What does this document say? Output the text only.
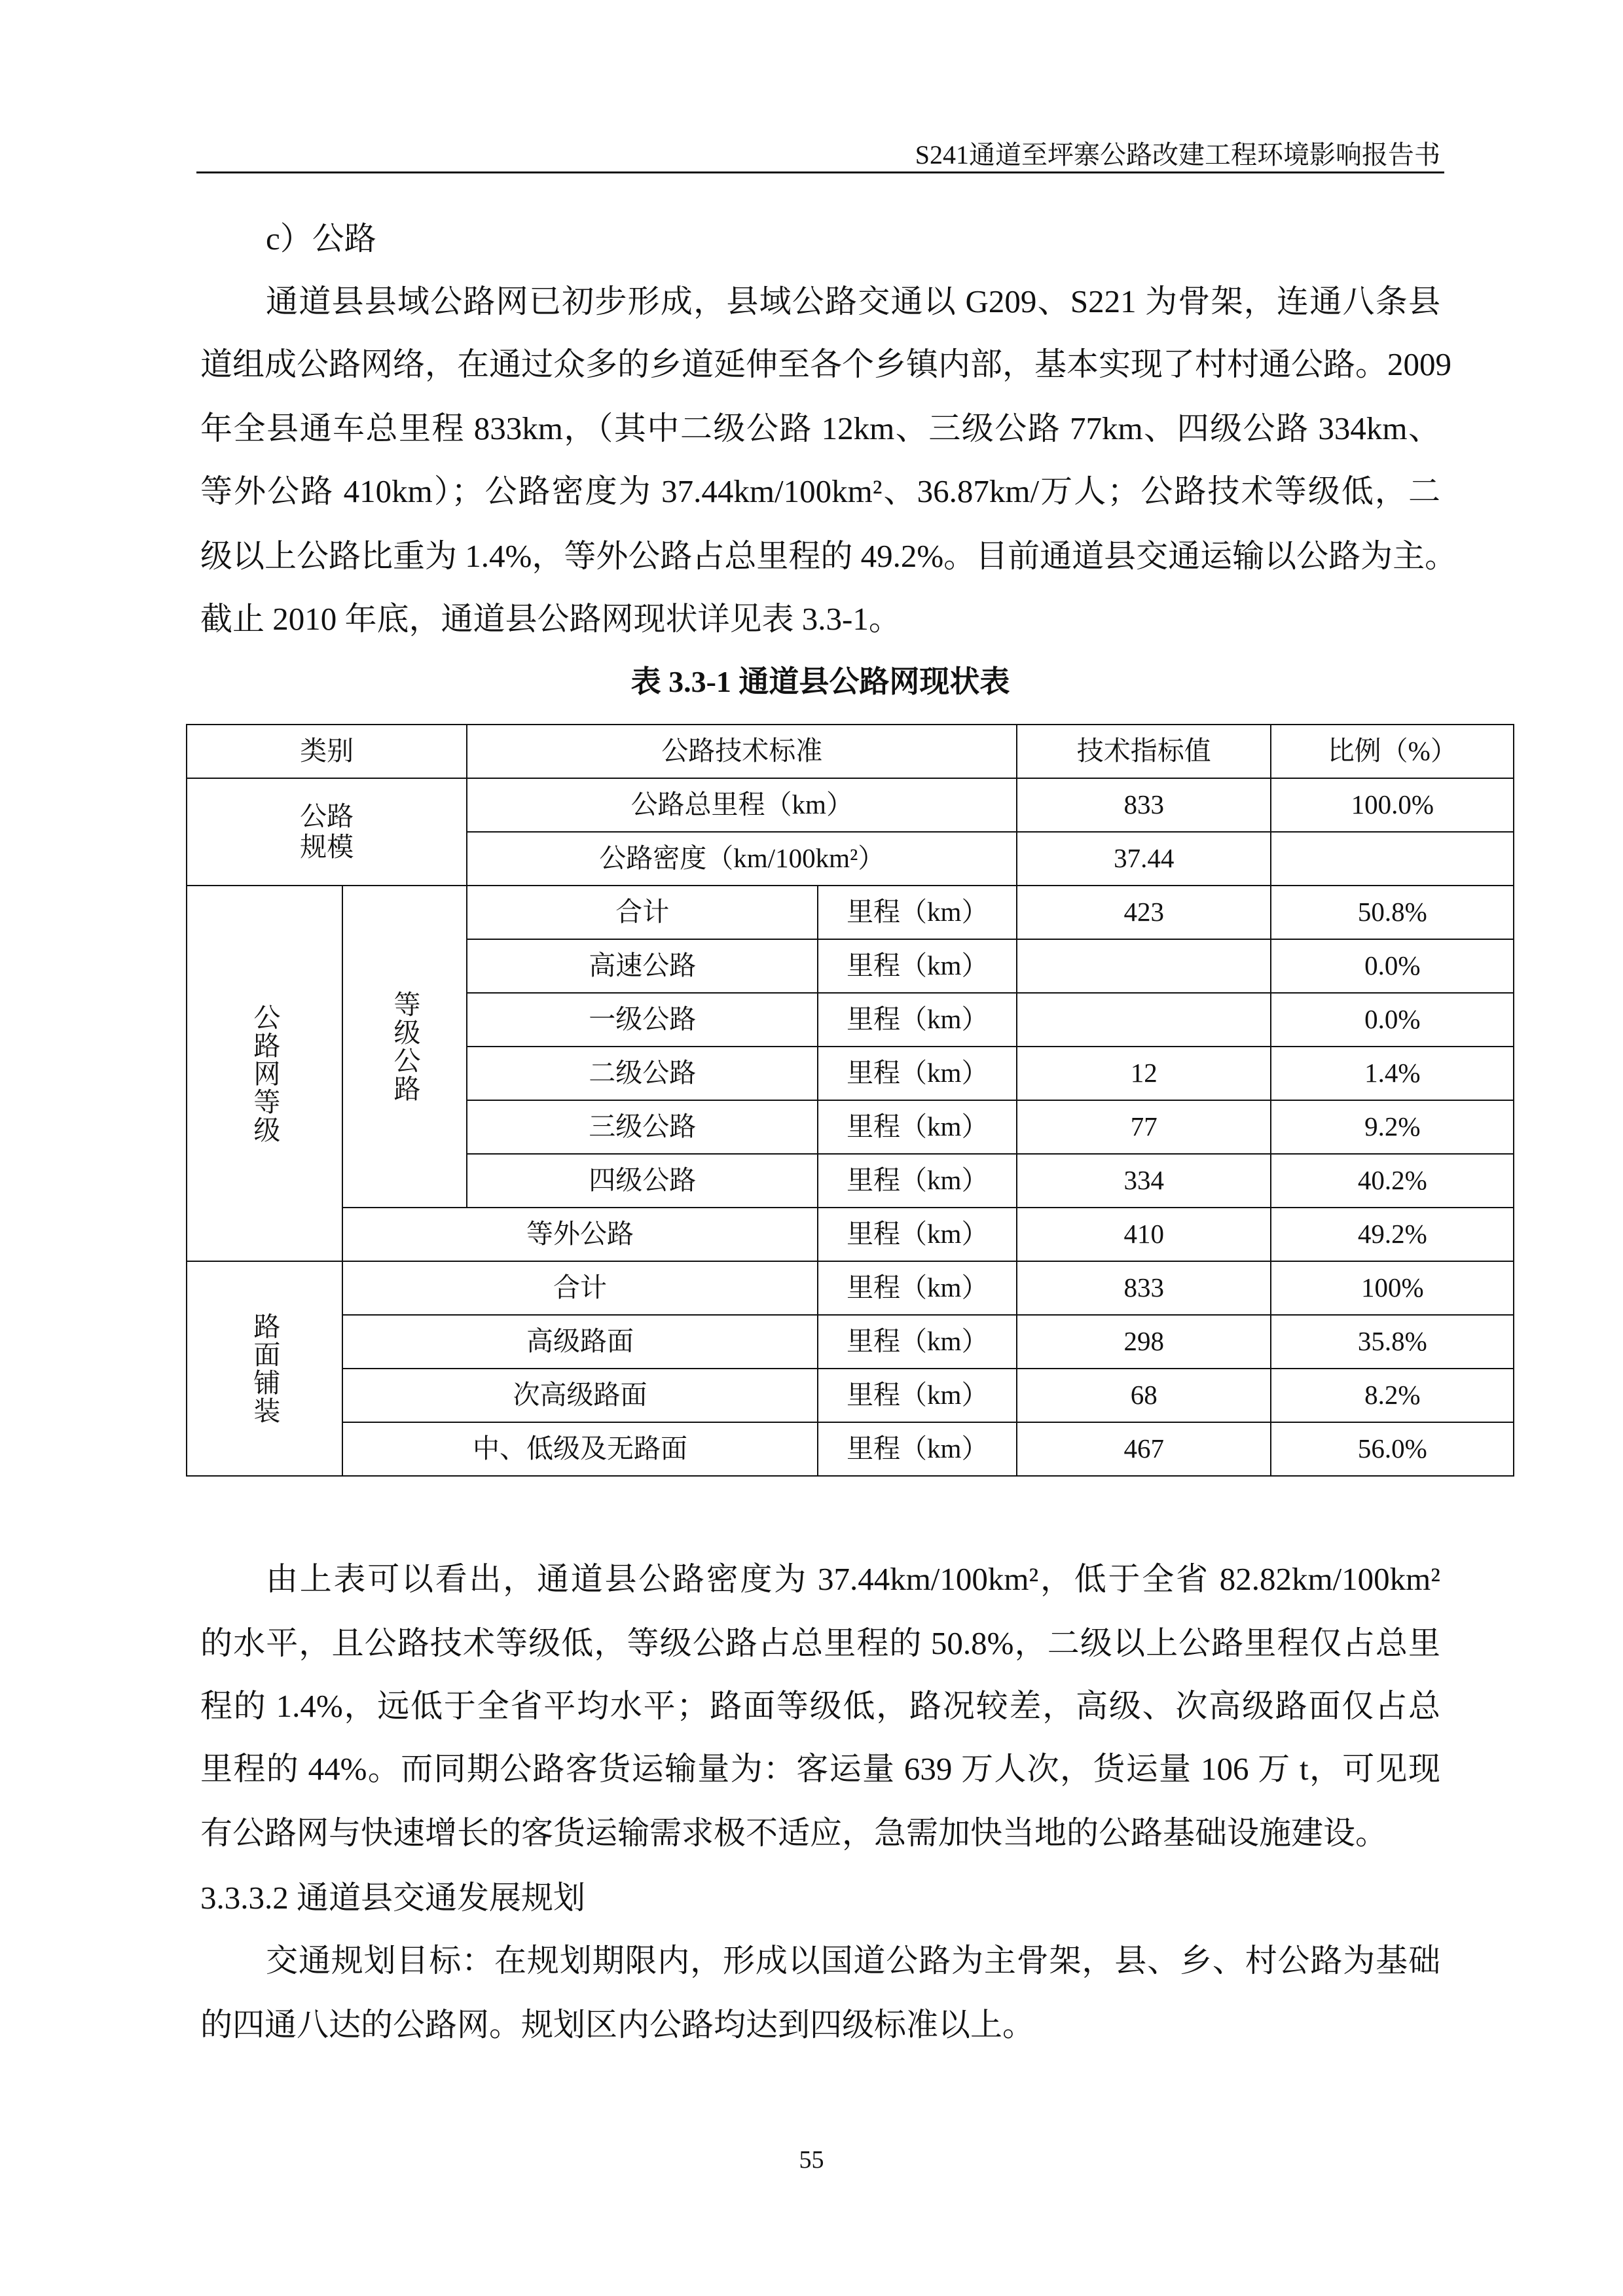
S241通道至坪寨公路改建工程环境影响报告书
c）公路
通道县县域公路网已初步形成，县域公路交通以 G209、S221 为骨架，连通八条县
道组成公路网络，在通过众多的乡道延伸至各个乡镇内部，基本实现了村村通公路。2009
年全县通车总里程 833km，（其中二级公路 12km、三级公路 77km、四级公路 334km、
等外公路 410km）；公路密度为 37.44km/100km²、36.87km/万人；公路技术等级低，二
级以上公路比重为 1.4%，等外公路占总里程的 49.2%。目前通道县交通运输以公路为主。
截止 2010 年底，通道县公路网现状详见表 3.3-1。
表 3.3-1 通道县公路网现状表
类别		公路技术标准		技术指标值	比例（%）

公路规模		公路总里程（km）		833	100.0%
		公路密度（km/100km²）		37.44	

公路网等级	等级公路	合计	里程（km）	423	50.8%
		高速公路	里程（km）		0.0%
		一级公路	里程（km）		0.0%
		二级公路	里程（km）	12	1.4%
		三级公路	里程（km）	77	9.2%
		四级公路	里程（km）	334	40.2%
	等外公路		里程（km）	410	49.2%

路面铺装	合计		里程（km）	833	100%
	高级路面		里程（km）	298	35.8%
	次高级路面		里程（km）	68	8.2%
	中、低级及无路面		里程（km）	467	56.0%
由上表可以看出，通道县公路密度为 37.44km/100km²，低于全省 82.82km/100km²
的水平，且公路技术等级低，等级公路占总里程的 50.8%，二级以上公路里程仅占总里
程的 1.4%，远低于全省平均水平；路面等级低，路况较差，高级、次高级路面仅占总
里程的 44%。而同期公路客货运输量为：客运量 639 万人次，货运量 106 万 t，可见现
有公路网与快速增长的客货运输需求极不适应，急需加快当地的公路基础设施建设。
3.3.3.2 通道县交通发展规划
交通规划目标：在规划期限内，形成以国道公路为主骨架，县、乡、村公路为基础
的四通八达的公路网。规划区内公路均达到四级标准以上。
55
